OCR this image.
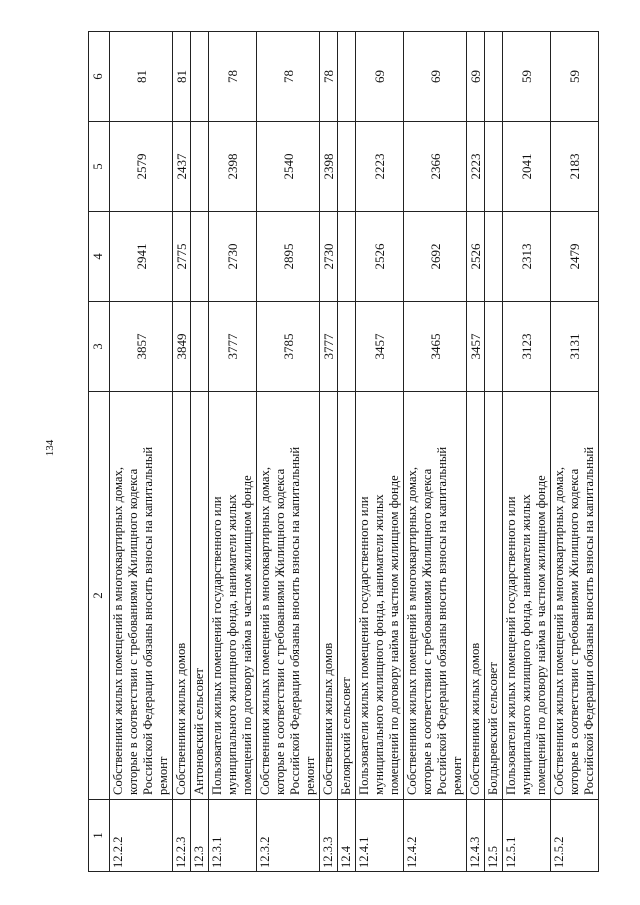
134
1	2	3	4	5	6
12.2.2	Собственники жилых помещений в многоквартирных домах, которые в соответствии с требованиями Жилищного кодекса Российской Федерации обязаны вносить взносы на капитальный ремонт	3857	2941	2579	81
12.2.3	Собственники жилых домов	3849	2775	2437	81
12.3	Антоновский сельсовет				

12.3.1	Пользователи жилых помещений государственного или муниципального жилищного фонда, наниматели жилых помещений по договору найма в частном жилищном фонде	3777	2730	2398	78
12.3.2	Собственники жилых помещений в многоквартирных домах, которые в соответствии с требованиями Жилищного кодекса Российской Федерации обязаны вносить взносы на капитальный ремонт	3785	2895	2540	78
12.3.3	Собственники жилых домов	3777	2730	2398	78
12.4	Белоярский сельсовет				

12.4.1	Пользователи жилых помещений государственного или муниципального жилищного фонда, наниматели жилых помещений по договору найма в частном жилищном фонде	3457	2526	2223	69
12.4.2	Собственники жилых помещений в многоквартирных домах, которые в соответствии с требованиями Жилищного кодекса Российской Федерации обязаны вносить взносы на капитальный ремонт	3465	2692	2366	69
12.4.3	Собственники жилых домов	3457	2526	2223	69
12.5	Болдыревский сельсовет				

12.5.1	Пользователи жилых помещений государственного или муниципального жилищного фонда, наниматели жилых помещений по договору найма в частном жилищном фонде	3123	2313	2041	59
12.5.2	Собственники жилых помещений в многоквартирных домах, которые в соответствии с требованиями Жилищного кодекса Российской Федерации обязаны вносить взносы на капитальный	3131	2479	2183	59
